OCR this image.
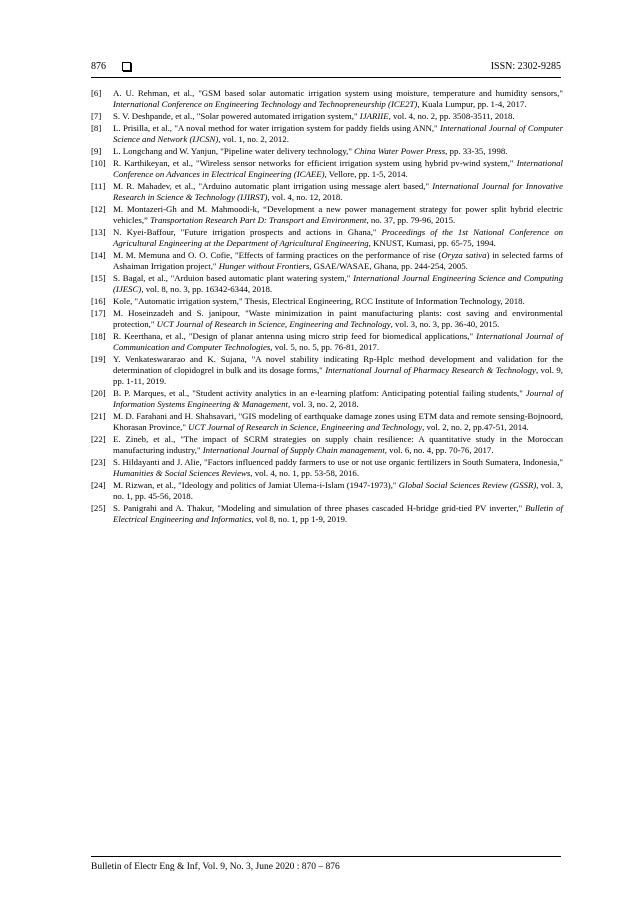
876	ISSN: 2302-9285
[6]	A. U. Rehman, et al., "GSM based solar automatic irrigation system using moisture, temperature and humidity sensors," International Conference on Engineering Technology and Technopreneurship (ICE2T), Kuala Lumpur, pp. 1-4, 2017.
[7]	S. V. Deshpande, et al., "Solar powered automated irrigation system," IJARIIE, vol. 4, no. 2, pp. 3508-3511, 2018.
[8]	L. Prisilla, et al., "A noval method for water irrigation system for paddy fields using ANN," International Journal of Computer Science and Network (IJCSN), vol. 1, no. 2, 2012.
[9]	L. Longchang and W. Yanjun, "Pipeline water delivery technology," China Water Power Press, pp. 33-35, 1998.
[10] R. Karthikeyan, et al., "Wireless sensor networks for efficient irrigation system using hybrid pv-wind system," International Conference on Advances in Electrical Engineering (ICAEE), Vellore, pp. 1-5, 2014.
[11] M. R. Mahadev, et al., "Arduino automatic plant irrigation using message alert based," International Journal for Innovative Research in Science & Technology (IJIRST), vol. 4, no. 12, 2018.
[12] M. Montazeri-Gh and M. Mahmoodi-k, “Development a new power management strategy for power split hybrid electric vehicles,” Transportation Research Part D: Transport and Environment, no. 37, pp. 79-96, 2015.
[13] N. Kyei-Baffour, "Future irrigation prospects and actions in Ghana," Proceedings of the 1st National Conference on Agricultural Engineering at the Department of Agricultural Engineering, KNUST, Kumasi, pp. 65-75, 1994.
[14] M. M. Memuna and O. O. Cofie, "Effects of farming practices on the performance of rise (Oryza sativa) in selected farms of Ashaiman Irrigation project," Hunger without Frontiers, GSAE/WASAE, Ghana, pp. 244-254, 2005.
[15] S. Bagal, et al., "Arduion based automatic plant watering system," International Journal Engineering Science and Computing (IJESC), vol. 8, no. 3, pp. 16342-6344, 2018.
[16] Kole, "Automatic irrigation system," Thesis, Electrical Engineering, RCC Institute of Information Technology, 2018.
[17] M. Hoseinzadeh and S. janipour, "Waste minimization in paint manufacturing plants: cost saving and environmental protection," UCT Journal of Research in Science, Engineering and Technology, vol. 3, no. 3, pp. 36-40, 2015.
[18] R. Keerthana, et al., "Design of planar antenna using micro strip feed for biomedical applications," International Journal of Communication and Computer Technologies, vol. 5, no. 5, pp. 76-81, 2017.
[19] Y. Venkateswararao and K. Sujana, "A novel stability indicating Rp-Hplc method development and validation for the determination of clopidogrel in bulk and its dosage forms," International Journal of Pharmacy Research & Technology, vol. 9, pp. 1-11, 2019.
[20] B. P. Marques, et al., "Student activity analytics in an e-learning platfom: Anticipating potential failing students," Journal of Information Systems Engineering & Management, vol. 3, no. 2, 2018.
[21] M. D. Farahani and H. Shahsavari, "GIS modeling of earthquake damage zones using ETM data and remote sensing-Bojnoord, Khorasan Province," UCT Journal of Research in Science, Engineering and Technology, vol. 2, no. 2, pp.47-51, 2014.
[22] E. Zineb, et al., "The impact of SCRM strategies on supply chain resilience: A quantitative study in the Moroccan manufacturing industry," International Journal of Supply Chain management, vol. 6, no. 4, pp. 70-76, 2017.
[23] S. Hildayanti and J. Alie, "Factors influenced paddy farmers to use or not use organic fertilizers in South Sumatera, Indonesia," Humanities & Social Sciences Reviews, vol. 4, no. 1, pp. 53-58, 2016.
[24] M. Rizwan, et al., "Ideology and politics of Jamiat Ulema-i-Islam (1947-1973)," Global Social Sciences Review (GSSR), vol. 3, no. 1, pp. 45-56, 2018.
[25] S. Panigrahi and A. Thakur, "Modeling and simulation of three phases cascaded H-bridge grid-tied PV inverter," Bulletin of Electrical Engineering and Informatics, vol 8, no. 1, pp 1-9, 2019.
Bulletin of Electr Eng & Inf, Vol. 9, No. 3, June 2020 : 870 – 876
